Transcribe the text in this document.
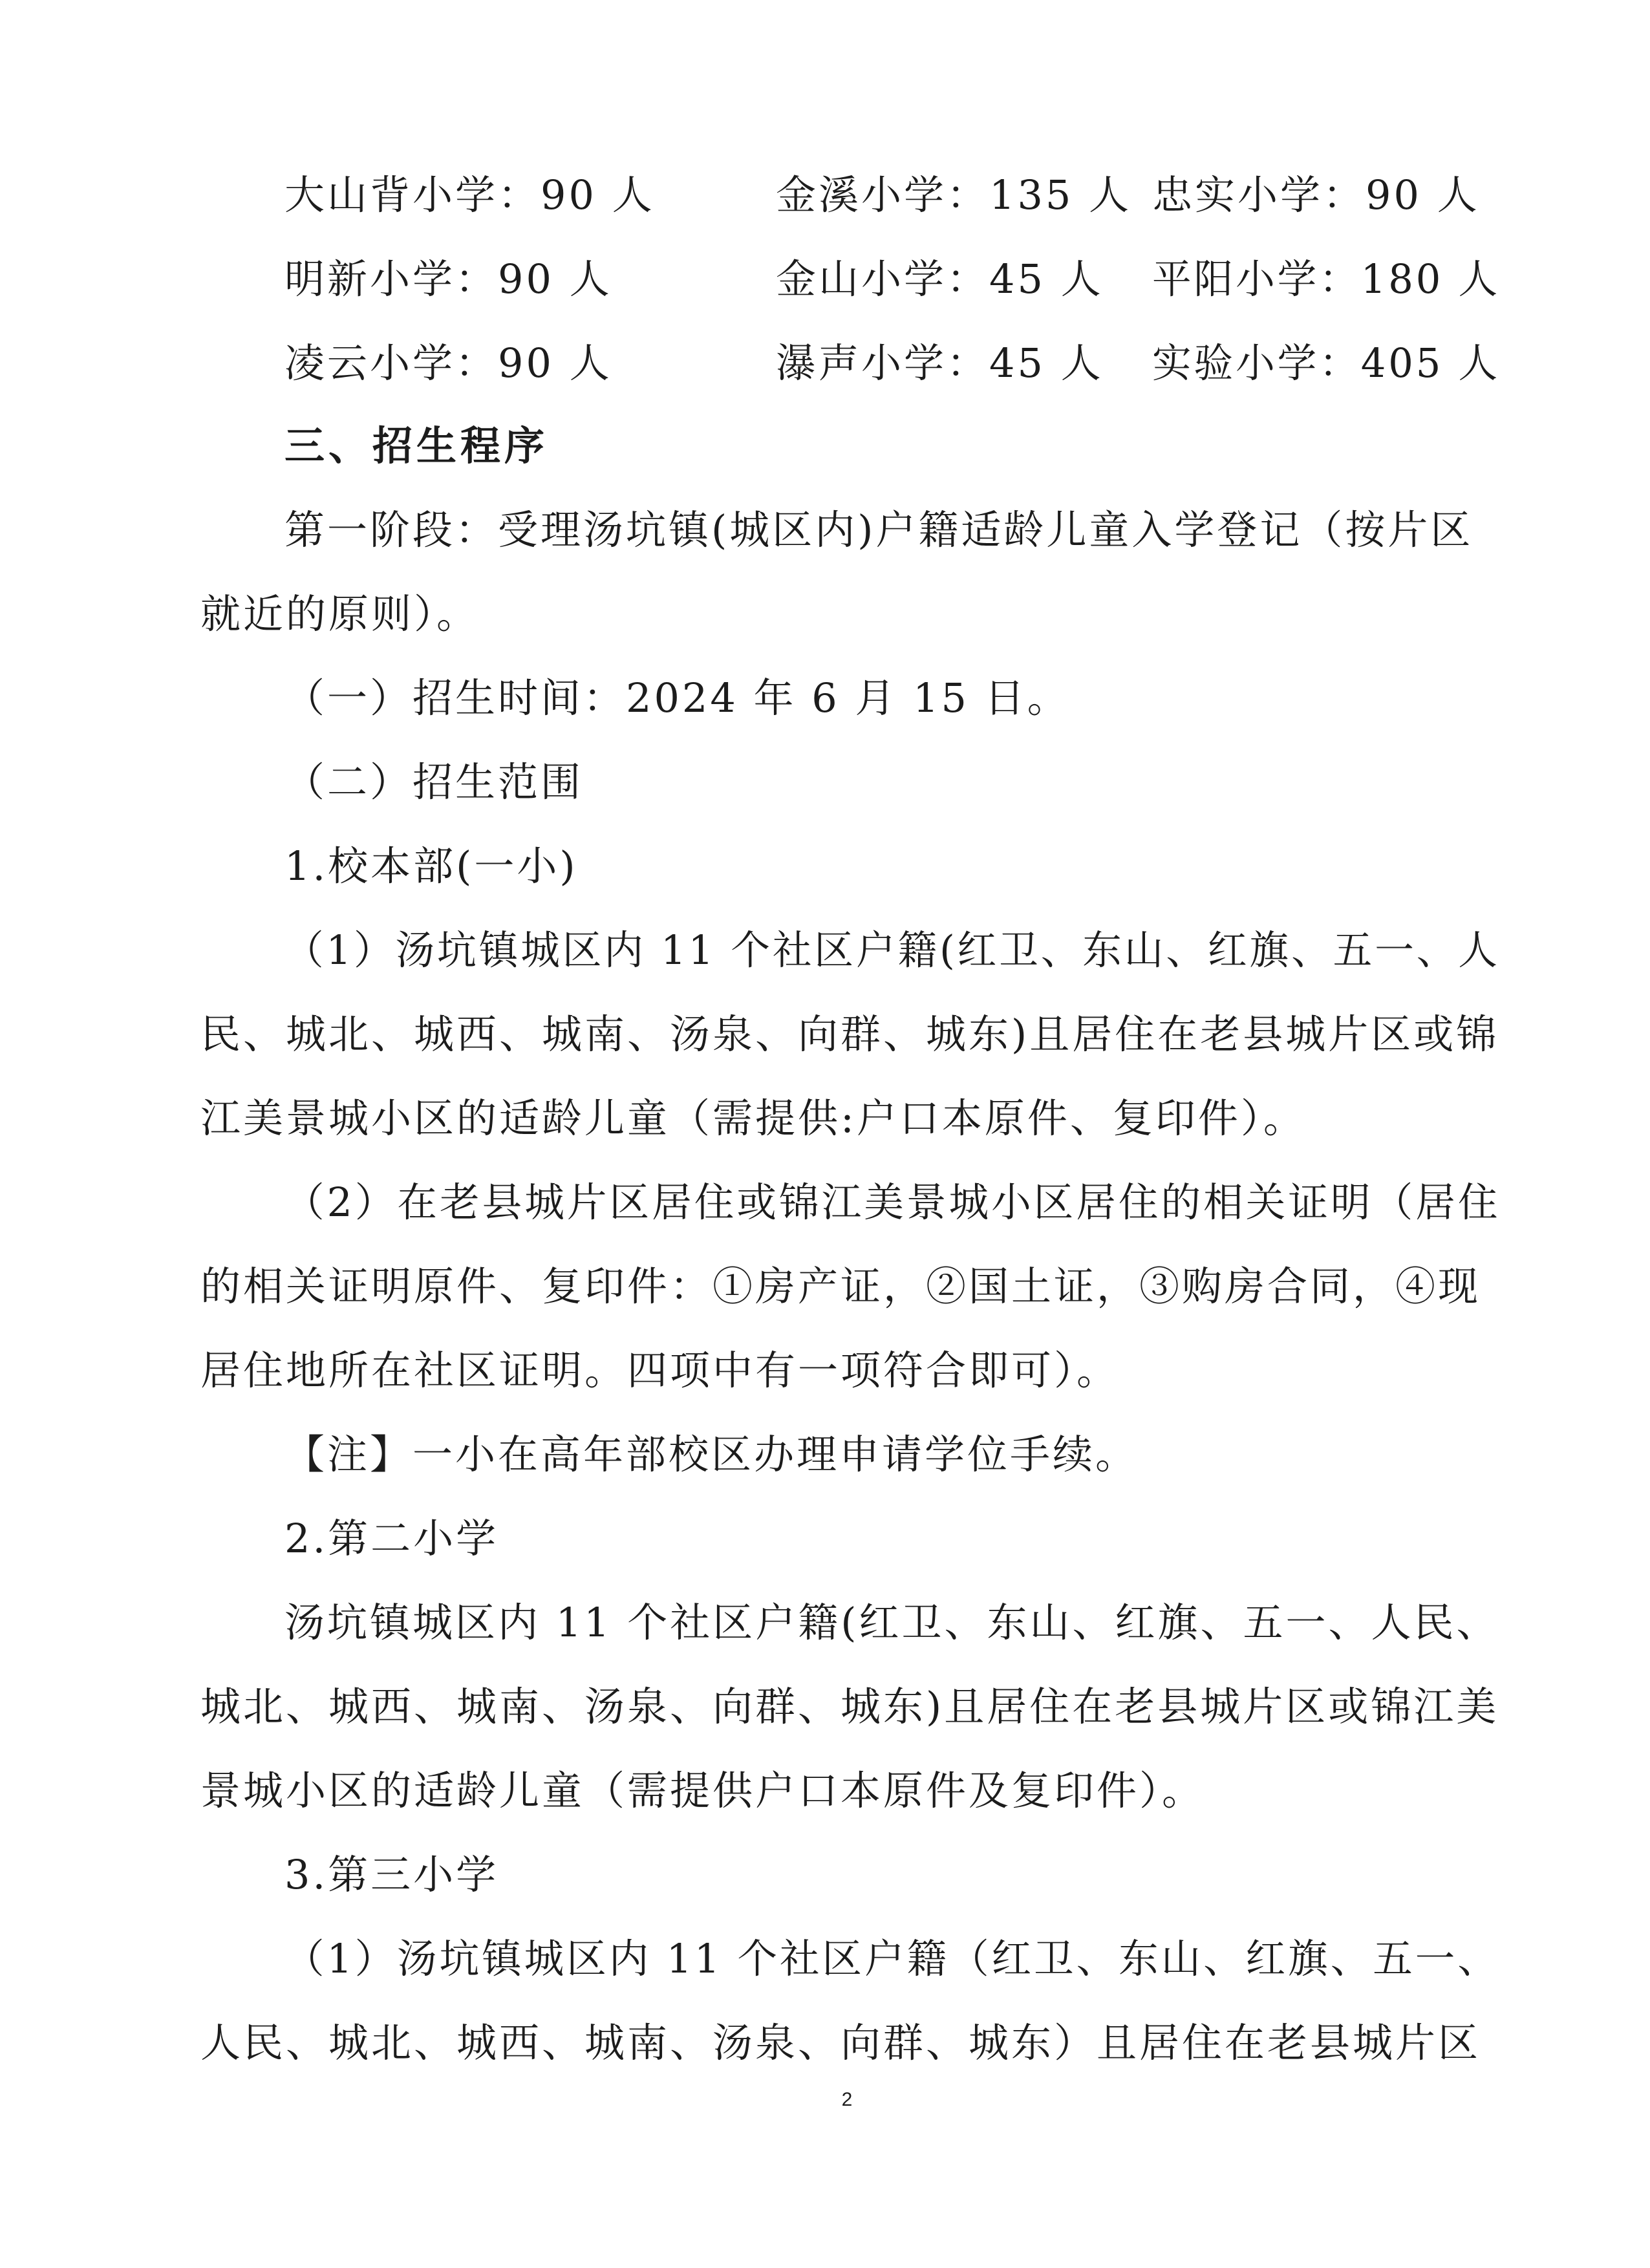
大山背小学：90 人	金溪小学：135 人 忠实小学：90 人
明新小学：90 人	金山小学：45 人 平阳小学：180 人
凌云小学：90 人	瀑声小学：45 人 实验小学：405 人
三、招生程序
第一阶段：受理汤坑镇(城区内)户籍适龄儿童入学登记（按片区
就近的原则）。
（一）招生时间：2024 年 6 月 15 日。
（二）招生范围
1.校本部(一小)
（1）汤坑镇城区内 11 个社区户籍(红卫、东山、红旗、五一、人
民、城北、城西、城南、汤泉、向群、城东)且居住在老县城片区或锦
江美景城小区的适龄儿童（需提供:户口本原件、复印件）。
（2）在老县城片区居住或锦江美景城小区居住的相关证明（居住
的相关证明原件、复印件：①房产证，②国土证，③购房合同，④现
居住地所在社区证明。四项中有一项符合即可）。
【注】一小在高年部校区办理申请学位手续。
2.第二小学
汤坑镇城区内 11 个社区户籍(红卫、东山、红旗、五一、人民、
城北、城西、城南、汤泉、向群、城东)且居住在老县城片区或锦江美
景城小区的适龄儿童（需提供户口本原件及复印件）。
3.第三小学
（1）汤坑镇城区内 11 个社区户籍（红卫、东山、红旗、五一、
人民、城北、城西、城南、汤泉、向群、城东）且居住在老县城片区
2
